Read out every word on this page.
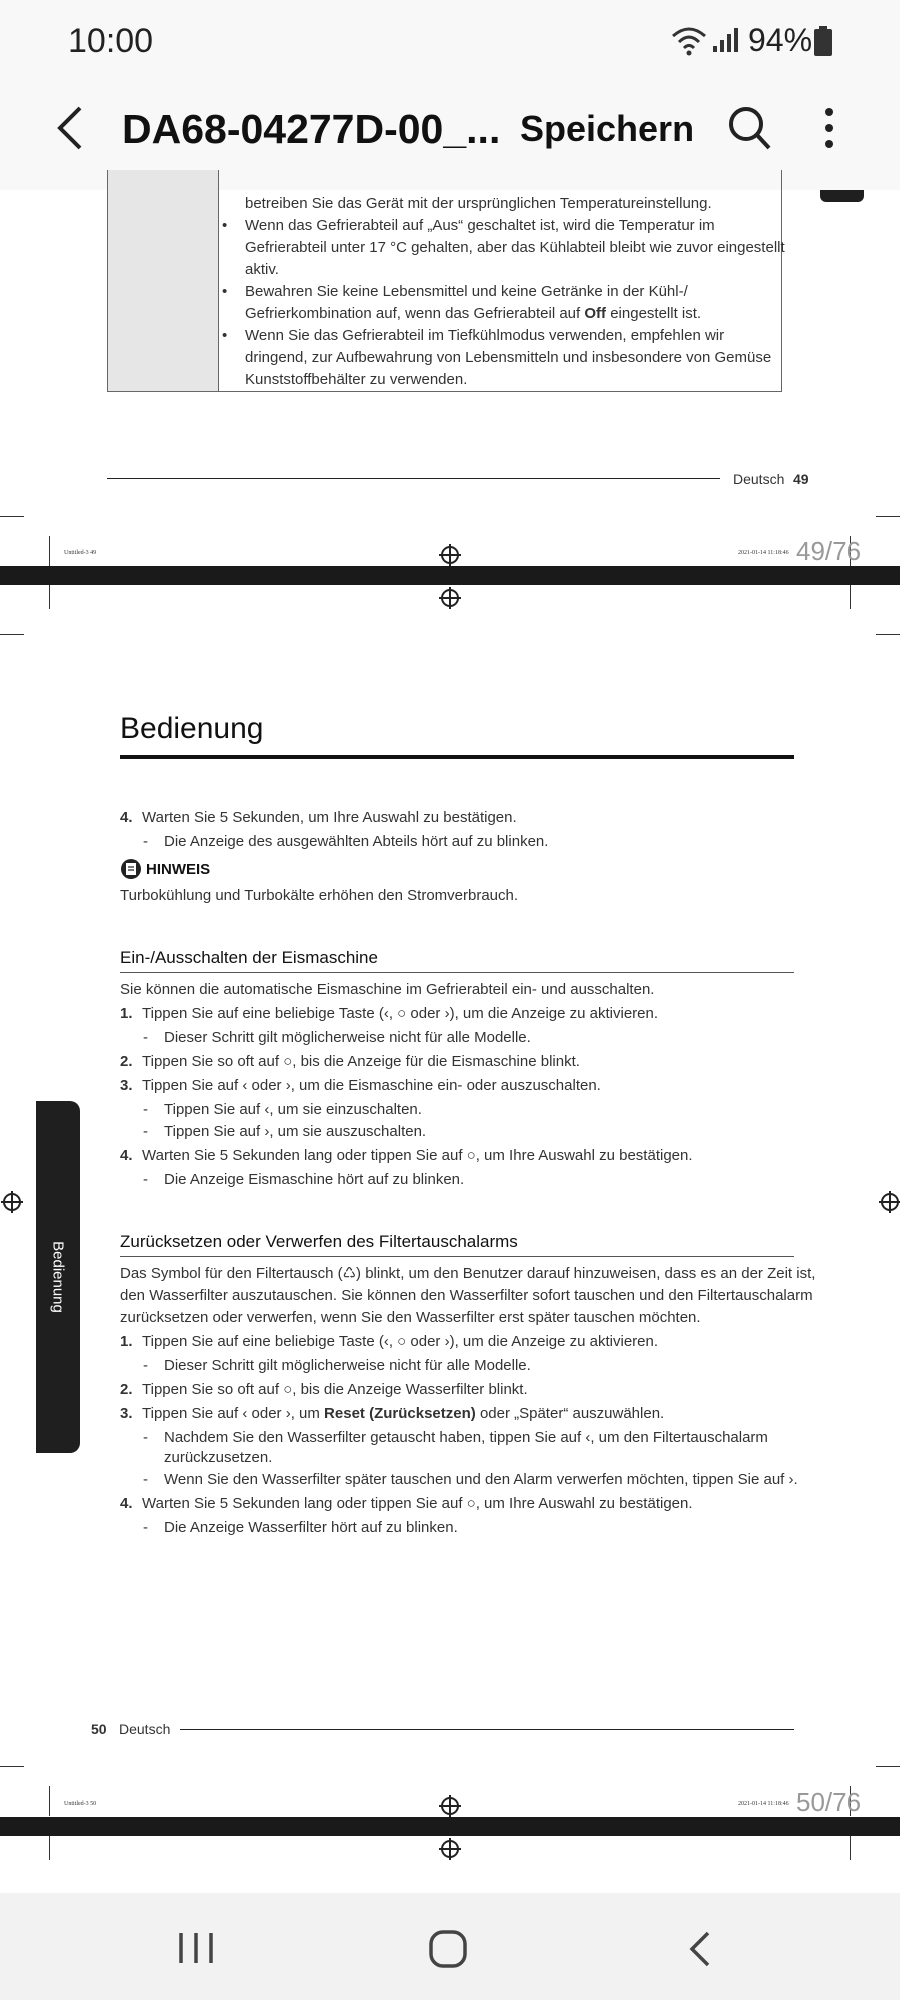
10:00	94%
DA68-04277D-00_... Speichern
betreiben Sie das Gerät mit der ursprünglichen Temperatureinstellung.
• Wenn das Gefrierabteil auf „Aus“ geschaltet ist, wird die Temperatur im
Gefrierabteil unter 17 °C gehalten, aber das Kühlabteil bleibt wie zuvor eingestellt
aktiv.
• Bewahren Sie keine Lebensmittel und keine Getränke in der Kühl-/
Gefrierkombination auf, wenn das Gefrierabteil auf Off eingestellt ist.
• Wenn Sie das Gefrierabteil im Tiefkühlmodus verwenden, empfehlen wir
dringend, zur Aufbewahrung von Lebensmitteln und insbesondere von Gemüse
Kunststoffbehälter zu verwenden.
Deutsch 49
Untitled-3 49	2021-01-14 11:18:46 49/76
Bedienung
4. Warten Sie 5 Sekunden, um Ihre Auswahl zu bestätigen.
- Die Anzeige des ausgewählten Abteils hört auf zu blinken.
HINWEIS
Turbokühlung und Turbokälte erhöhen den Stromverbrauch.
Ein-/Ausschalten der Eismaschine
Sie können die automatische Eismaschine im Gefrierabteil ein- und ausschalten.
1. Tippen Sie auf eine beliebige Taste (‹, ○ oder ›), um die Anzeige zu aktivieren.
- Dieser Schritt gilt möglicherweise nicht für alle Modelle.
2. Tippen Sie so oft auf ○, bis die Anzeige für die Eismaschine blinkt.
3. Tippen Sie auf ‹ oder ›, um die Eismaschine ein- oder auszuschalten.
- Tippen Sie auf ‹, um sie einzuschalten.
- Tippen Sie auf ›, um sie auszuschalten.
4. Warten Sie 5 Sekunden lang oder tippen Sie auf ○, um Ihre Auswahl zu bestätigen.
- Die Anzeige Eismaschine hört auf zu blinken.
Bedienung	Zurücksetzen oder Verwerfen des Filtertauschalarms
Das Symbol für den Filtertausch (♺) blinkt, um den Benutzer darauf hinzuweisen, dass es an der Zeit ist,
den Wasserfilter auszutauschen. Sie können den Wasserfilter sofort tauschen und den Filtertauschalarm
zurücksetzen oder verwerfen, wenn Sie den Wasserfilter erst später tauschen möchten.
1. Tippen Sie auf eine beliebige Taste (‹, ○ oder ›), um die Anzeige zu aktivieren.
- Dieser Schritt gilt möglicherweise nicht für alle Modelle.
2. Tippen Sie so oft auf ○, bis die Anzeige Wasserfilter blinkt.
3. Tippen Sie auf ‹ oder ›, um Reset (Zurücksetzen) oder „Später“ auszuwählen.
- Nachdem Sie den Wasserfilter getauscht haben, tippen Sie auf ‹, um den Filtertauschalarm
zurückzusetzen.
- Wenn Sie den Wasserfilter später tauschen und den Alarm verwerfen möchten, tippen Sie auf ›.
4. Warten Sie 5 Sekunden lang oder tippen Sie auf ○, um Ihre Auswahl zu bestätigen.
- Die Anzeige Wasserfilter hört auf zu blinken.
50 Deutsch
Untitled-3 50	2021-01-14 11:18:46 50/76
